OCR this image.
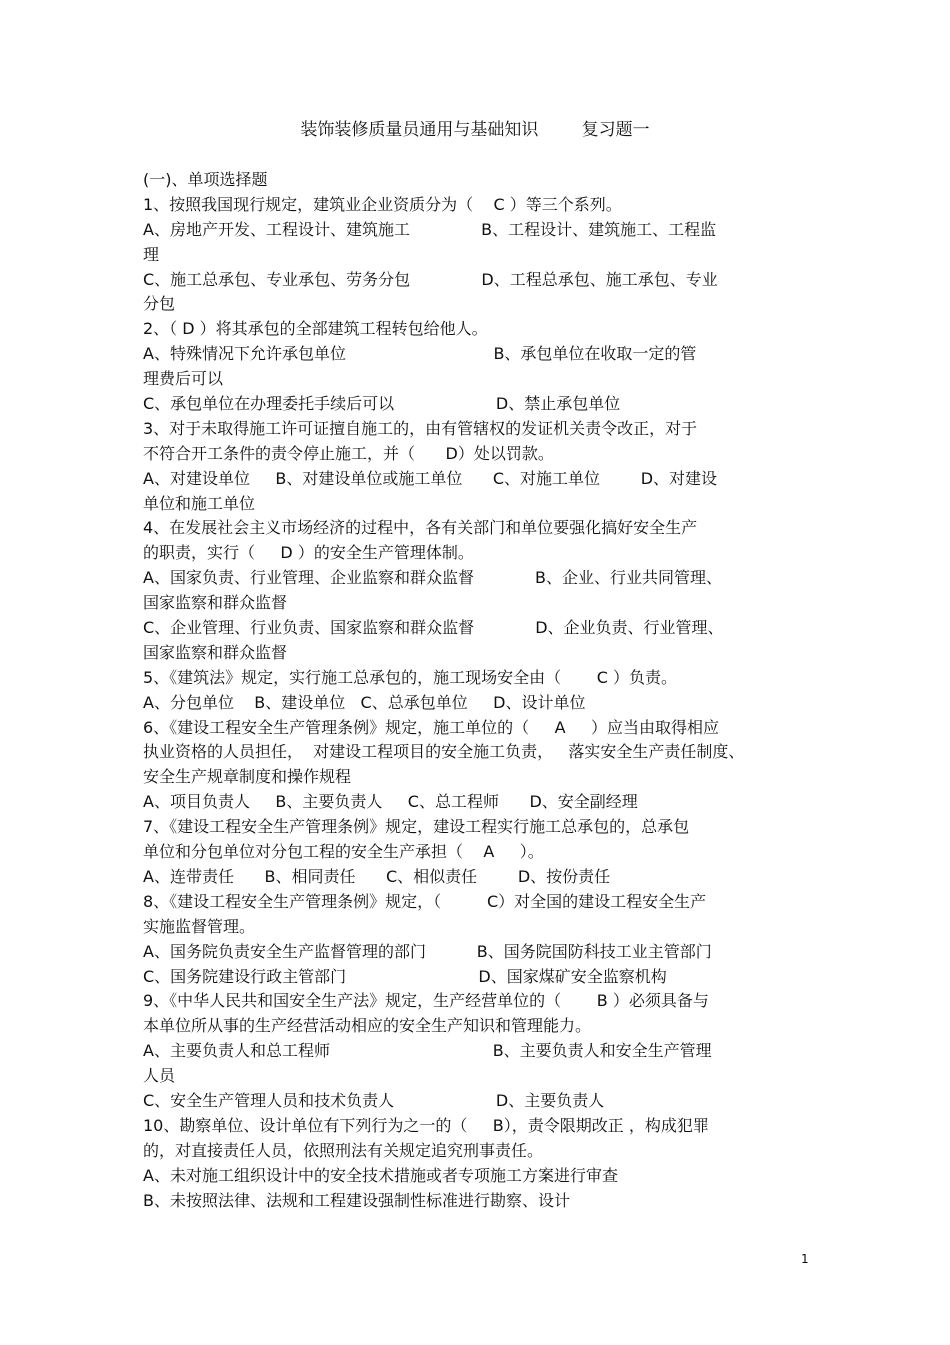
装饰装修质量员通用与基础知识        复习题一
(一)、单项选择题
1、按照我国现行规定，建筑业企业资质分为（    C ）等三个系列。
A、房地产开发、工程设计、建筑施工              B、工程设计、建筑施工、工程监
理
C、施工总承包、专业承包、劳务分包              D、工程总承包、施工承包、专业
分包
2、（ D ）将其承包的全部建筑工程转包给他人。
A、特殊情况下允许承包单位                             B、承包单位在收取一定的管
理费后可以
C、承包单位在办理委托手续后可以                    D、禁止承包单位
3、对于未取得施工许可证擅自施工的，由有管辖权的发证机关责令改正，对于
不符合开工条件的责令停止施工，并（      D）处以罚款。
A、对建设单位     B、对建设单位或施工单位      C、对施工单位        D、对建设
单位和施工单位
4、在发展社会主义市场经济的过程中，各有关部门和单位要强化搞好安全生产
的职责，实行（     D ）的安全生产管理体制。
A、国家负责、行业管理、企业监察和群众监督            B、企业、行业共同管理、
国家监察和群众监督
C、企业管理、行业负责、国家监察和群众监督            D、企业负责、行业管理、
国家监察和群众监督
5、《建筑法》规定，实行施工总承包的，施工现场安全由（       C ）负责。
A、分包单位    B、建设单位   C、总承包单位     D、设计单位
6、《建设工程安全生产管理条例》规定，施工单位的（     A     ）应当由取得相应
执业资格的人员担任，  对建设工程项目的安全施工负责，   落实安全生产责任制度、
安全生产规章制度和操作规程
A、项目负责人     B、主要负责人     C、总工程师      D、安全副经理
7、《建设工程安全生产管理条例》规定，建设工程实行施工总承包的，总承包
单位和分包单位对分包工程的安全生产承担（    A     ）。
A、连带责任      B、相同责任      C、相似责任        D、按份责任
8、《建设工程安全生产管理条例》规定，（         C）对全国的建设工程安全生产
实施监督管理。
A、国务院负责安全生产监督管理的部门          B、国务院国防科技工业主管部门
C、国务院建设行政主管部门                          D、国家煤矿安全监察机构
9、《中华人民共和国安全生产法》规定，生产经营单位的（       B ）必须具备与
本单位所从事的生产经营活动相应的安全生产知识和管理能力。
A、主要负责人和总工程师                                B、主要负责人和安全生产管理
人员
C、安全生产管理人员和技术负责人                    D、主要负责人
10、勘察单位、设计单位有下列行为之一的（     B），责令限期改正 ，构成犯罪
的，对直接责任人员，依照刑法有关规定追究刑事责任。
A、未对施工组织设计中的安全技术措施或者专项施工方案进行审查
B、未按照法律、法规和工程建设强制性标准进行勘察、设计
1
